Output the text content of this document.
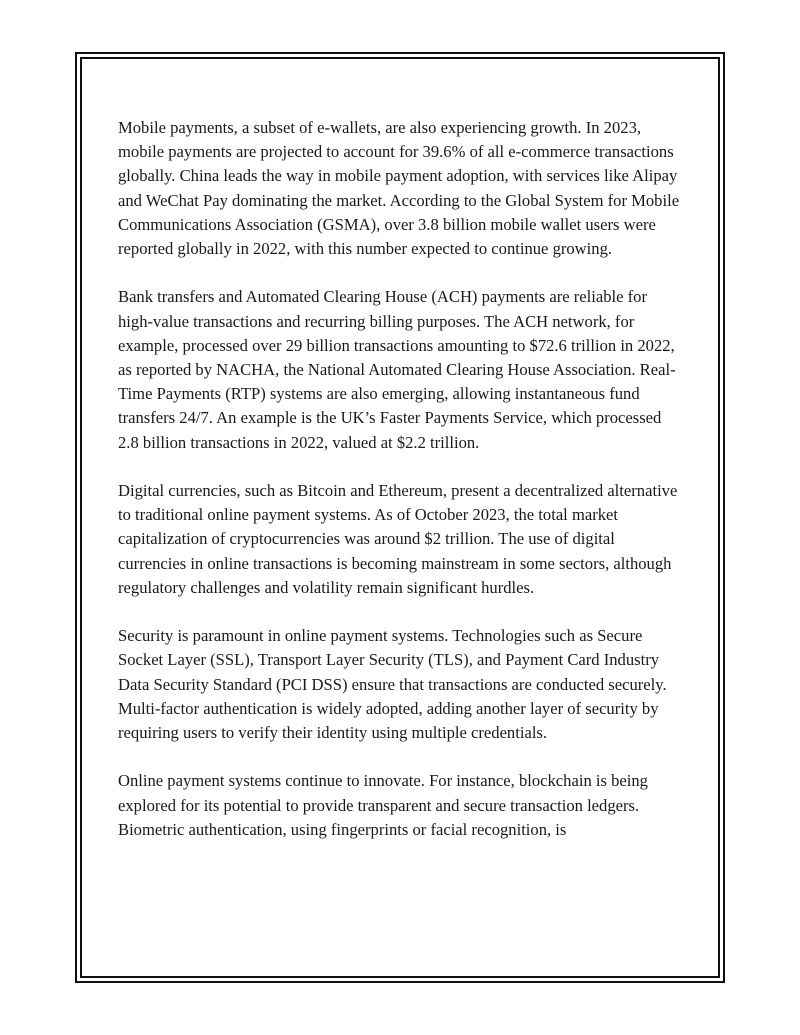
Mobile payments, a subset of e-wallets, are also experiencing growth. In 2023, mobile payments are projected to account for 39.6% of all e-commerce transactions globally. China leads the way in mobile payment adoption, with services like Alipay and WeChat Pay dominating the market. According to the Global System for Mobile Communications Association (GSMA), over 3.8 billion mobile wallet users were reported globally in 2022, with this number expected to continue growing.

Bank transfers and Automated Clearing House (ACH) payments are reliable for high-value transactions and recurring billing purposes. The ACH network, for example, processed over 29 billion transactions amounting to $72.6 trillion in 2022, as reported by NACHA, the National Automated Clearing House Association. Real-Time Payments (RTP) systems are also emerging, allowing instantaneous fund transfers 24/7. An example is the UK’s Faster Payments Service, which processed 2.8 billion transactions in 2022, valued at $2.2 trillion.

Digital currencies, such as Bitcoin and Ethereum, present a decentralized alternative to traditional online payment systems. As of October 2023, the total market capitalization of cryptocurrencies was around $2 trillion. The use of digital currencies in online transactions is becoming mainstream in some sectors, although regulatory challenges and volatility remain significant hurdles.

Security is paramount in online payment systems. Technologies such as Secure Socket Layer (SSL), Transport Layer Security (TLS), and Payment Card Industry Data Security Standard (PCI DSS) ensure that transactions are conducted securely. Multi-factor authentication is widely adopted, adding another layer of security by requiring users to verify their identity using multiple credentials.

Online payment systems continue to innovate. For instance, blockchain is being explored for its potential to provide transparent and secure transaction ledgers. Biometric authentication, using fingerprints or facial recognition, is
